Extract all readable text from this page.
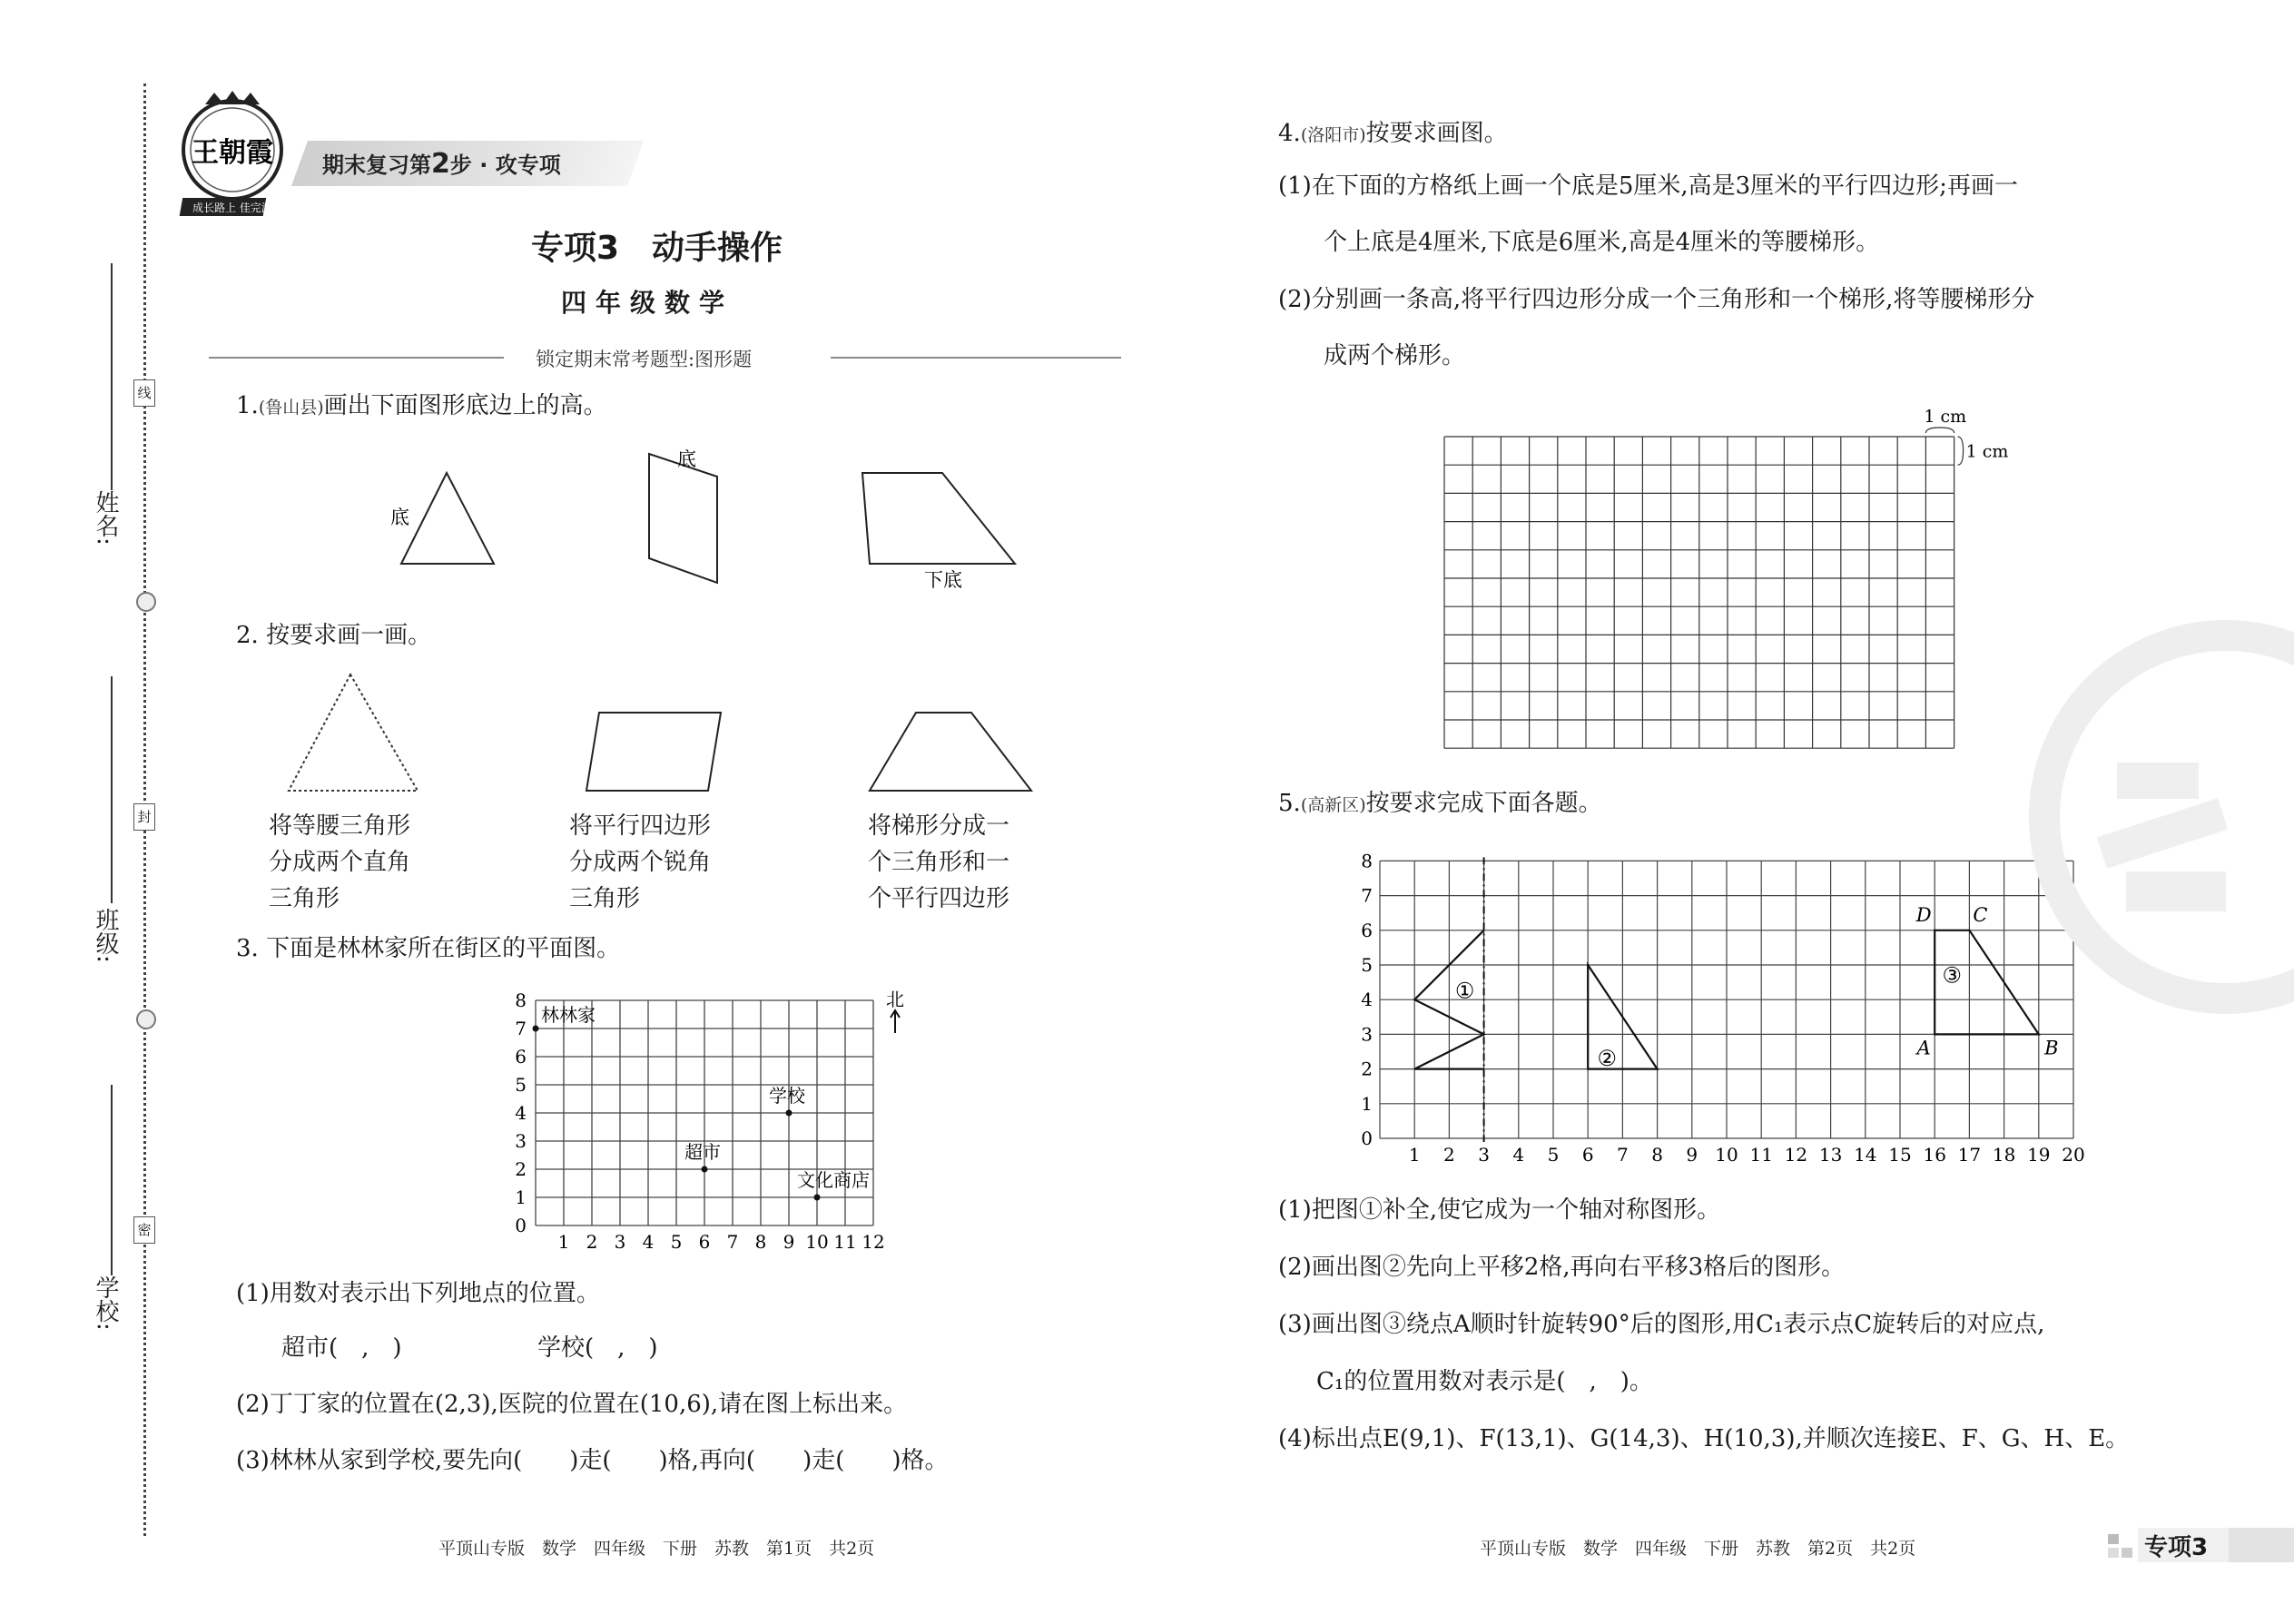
姓名:
班级:
学校:
线
封
密
王朝霞
成长路上 佳完满天
期末复习第2步 · 攻专项
专项3　动手操作
四年级数学
锁定期末常考题型:图形题
1.(鲁山县)画出下面图形底边上的高。
底
底
下底
2. 按要求画一画。
将等腰三角形
分成两个直角
三角形
将平行四边形
分成两个锐角
三角形
将梯形分成一
个三角形和一
个平行四边形
3. 下面是林林家所在街区的平面图。
1 2 3 4 5 6 7 8 9 10 11 12
0
1
2
3
4
5
6
7
8
林林家
学校
超市
文化商店
北
(1)用数对表示出下列地点的位置。
超市(　,　)	学校(　,　)
(2)丁丁家的位置在(2,3),医院的位置在(10,6),请在图上标出来。
(3)林林从家到学校,要先向(　　)走(　　)格,再向(　　)走(　　)格。
平顶山专版　数学　四年级　下册　苏教　第1页　共2页
4.(洛阳市)按要求画图。
(1)在下面的方格纸上画一个底是5厘米,高是3厘米的平行四边形;再画一
个上底是4厘米,下底是6厘米,高是4厘米的等腰梯形。
(2)分别画一条高,将平行四边形分成一个三角形和一个梯形,将等腰梯形分
成两个梯形。
1 cm
1 cm
5.(高新区)按要求完成下面各题。
1 2 3 4 5 6 7 8 9 10 11 12 13 14 15 16 17 18 19 20
0
1
2
3
4
5
6
7
8
①
②
③
D C
A	B
(1)把图①补全,使它成为一个轴对称图形。
(2)画出图②先向上平移2格,再向右平移3格后的图形。
(3)画出图③绕点A顺时针旋转90°后的图形,用C₁表示点C旋转后的对应点,
C₁的位置用数对表示是(　,　)。
(4)标出点E(9,1)、F(13,1)、G(14,3)、H(10,3),并顺次连接E、F、G、H、E。
平顶山专版　数学　四年级　下册　苏教　第2页　共2页	专项3
